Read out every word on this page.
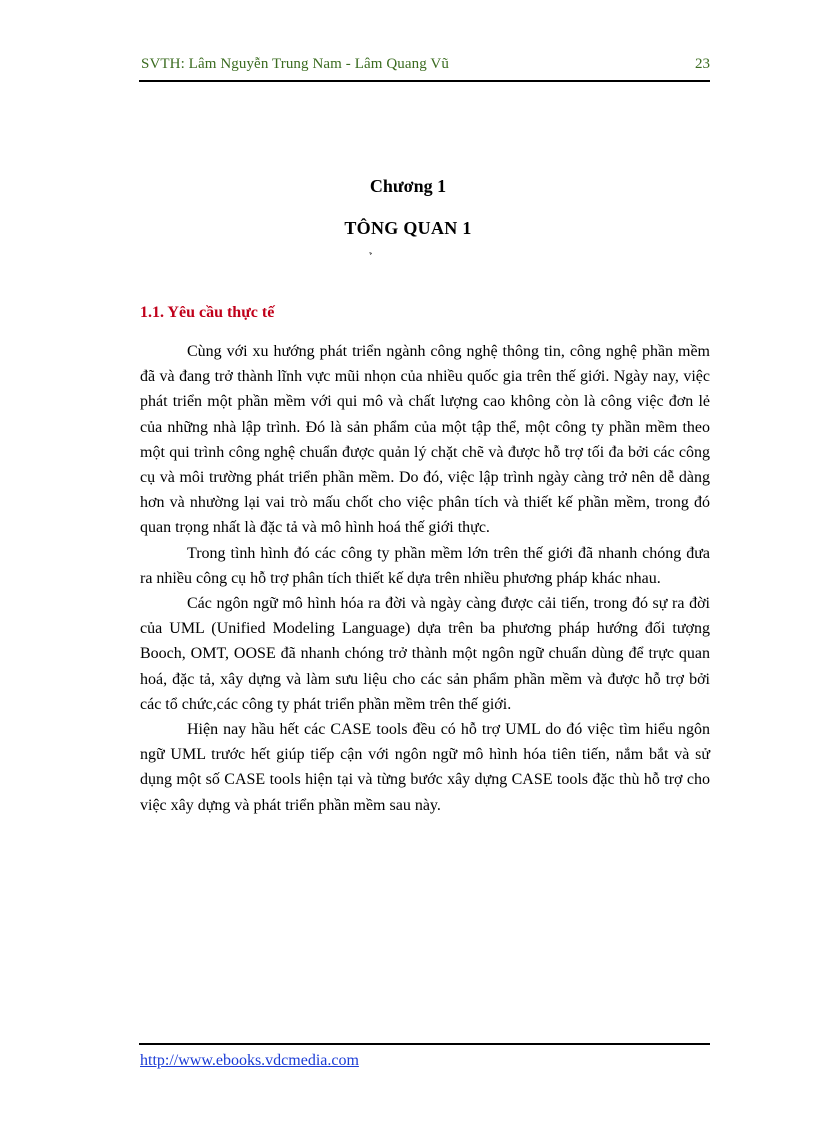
SVTH: Lâm Nguyễn Trung Nam - Lâm Quang Vũ	23
Chương 1
TÔNG QUAN 1
1.1. Yêu cầu thực tế

Cùng với xu hướng phát triển ngành công nghệ thông tin, công nghệ phần mềm đã và đang trở thành lĩnh vực mũi nhọn của nhiều quốc gia trên thế giới. Ngày nay, việc phát triển một phần mềm với qui mô và chất lượng cao không còn là công việc đơn lẻ của những nhà lập trình. Đó là sản phẩm của một tập thể, một công ty phần mềm theo một qui trình công nghệ chuẩn được quản lý chặt chẽ và được hỗ trợ tối đa bởi các công cụ và môi trường phát triển phần mềm. Do đó, việc lập trình ngày càng trở nên dễ dàng hơn và nhường lại vai trò mấu chốt cho việc phân tích và thiết kế phần mềm, trong đó quan trọng nhất là đặc tả và mô hình hoá thế giới thực.

Trong tình hình đó các công ty phần mềm lớn trên thế giới đã nhanh chóng đưa ra nhiều công cụ hỗ trợ phân tích thiết kế dựa trên nhiều phương pháp khác nhau.

Các ngôn ngữ mô hình hóa ra đời và ngày càng được cải tiến, trong đó sự ra đời của UML (Unified Modeling Language) dựa trên ba phương pháp hướng đối tượng Booch, OMT, OOSE đã nhanh chóng trở thành một ngôn ngữ chuẩn dùng để trực quan hoá, đặc tả, xây dựng và làm sưu liệu cho các sản phẩm phần mềm và được hỗ trợ bởi các tổ chức,các công ty phát triển phần mềm trên thế giới.

Hiện nay hầu hết các CASE tools đều có hỗ trợ UML do đó việc tìm hiểu ngôn ngữ UML trước hết giúp tiếp cận với ngôn ngữ mô hình hóa tiên tiến, nắm bắt và sử dụng một số CASE tools hiện tại và từng bước xây dựng CASE tools đặc thù hỗ trợ cho việc xây dựng và phát triển phần mềm sau này.

http://www.ebooks.vdcmedia.com
